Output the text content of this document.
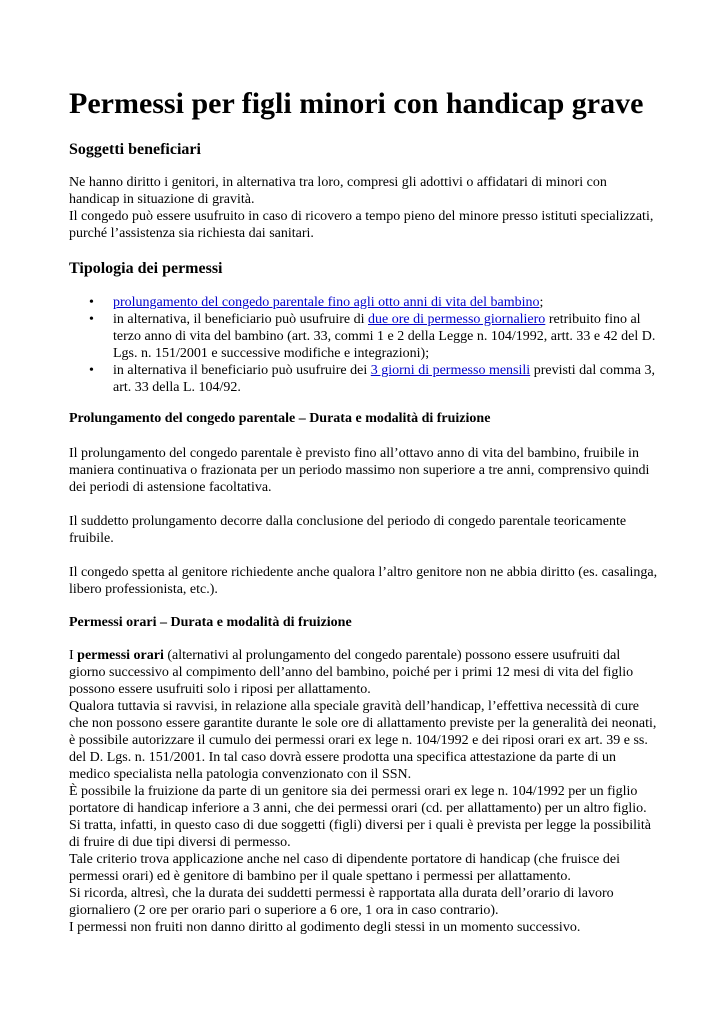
Permessi per figli minori con handicap grave
Soggetti beneficiari

Ne hanno diritto i genitori, in alternativa tra loro, compresi gli adottivi o affidatari di minori con handicap in situazione di gravità.

Il congedo può essere usufruito in caso di ricovero a tempo pieno del minore presso istituti specializzati, purché l’assistenza sia richiesta dai sanitari.

Tipologia dei permessi
• prolungamento del congedo parentale fino agli otto anni di vita del bambino;
• in alternativa, il beneficiario può usufruire di due ore di permesso giornaliero retribuito fino al terzo anno di vita del bambino (art. 33, commi 1 e 2 della Legge n. 104/1992, artt. 33 e 42 del D. Lgs. n. 151/2001 e successive modifiche e integrazioni);
• in alternativa il beneficiario può usufruire dei 3 giorni di permesso mensili previsti dal comma 3, art. 33 della L. 104/92.
Prolungamento del congedo parentale – Durata e modalità di fruizione

Il prolungamento del congedo parentale è previsto fino all’ottavo anno di vita del bambino, fruibile in maniera continuativa o frazionata per un periodo massimo non superiore a tre anni, comprensivo quindi dei periodi di astensione facoltativa.

Il suddetto prolungamento decorre dalla conclusione del periodo di congedo parentale teoricamente fruibile.

Il congedo spetta al genitore richiedente anche qualora l’altro genitore non ne abbia diritto (es. casalinga, libero professionista, etc.).

Permessi orari – Durata e modalità di fruizione

I permessi orari (alternativi al prolungamento del congedo parentale) possono essere usufruiti dal giorno successivo al compimento dell’anno del bambino, poiché per i primi 12 mesi di vita del figlio possono essere usufruiti solo i riposi per allattamento.

Qualora tuttavia si ravvisi, in relazione alla speciale gravità dell’handicap, l’effettiva necessità di cure che non possono essere garantite durante le sole ore di allattamento previste per la generalità dei neonati, è possibile autorizzare il cumulo dei permessi orari ex lege n. 104/1992 e dei riposi orari ex art. 39 e ss. del D. Lgs. n. 151/2001. In tal caso dovrà essere prodotta una specifica attestazione da parte di un medico specialista nella patologia convenzionato con il SSN.

È possibile la fruizione da parte di un genitore sia dei permessi orari ex lege n. 104/1992 per un figlio portatore di handicap inferiore a 3 anni, che dei permessi orari (cd. per allattamento) per un altro figlio. Si tratta, infatti, in questo caso di due soggetti (figli) diversi per i quali è prevista per legge la possibilità di fruire di due tipi diversi di permesso.

Tale criterio trova applicazione anche nel caso di dipendente portatore di handicap (che fruisce dei permessi orari) ed è genitore di bambino per il quale spettano i permessi per allattamento.

Si ricorda, altresì, che la durata dei suddetti permessi è rapportata alla durata dell’orario di lavoro giornaliero (2 ore per orario pari o superiore a 6 ore, 1 ora in caso contrario).

I permessi non fruiti non danno diritto al godimento degli stessi in un momento successivo.
